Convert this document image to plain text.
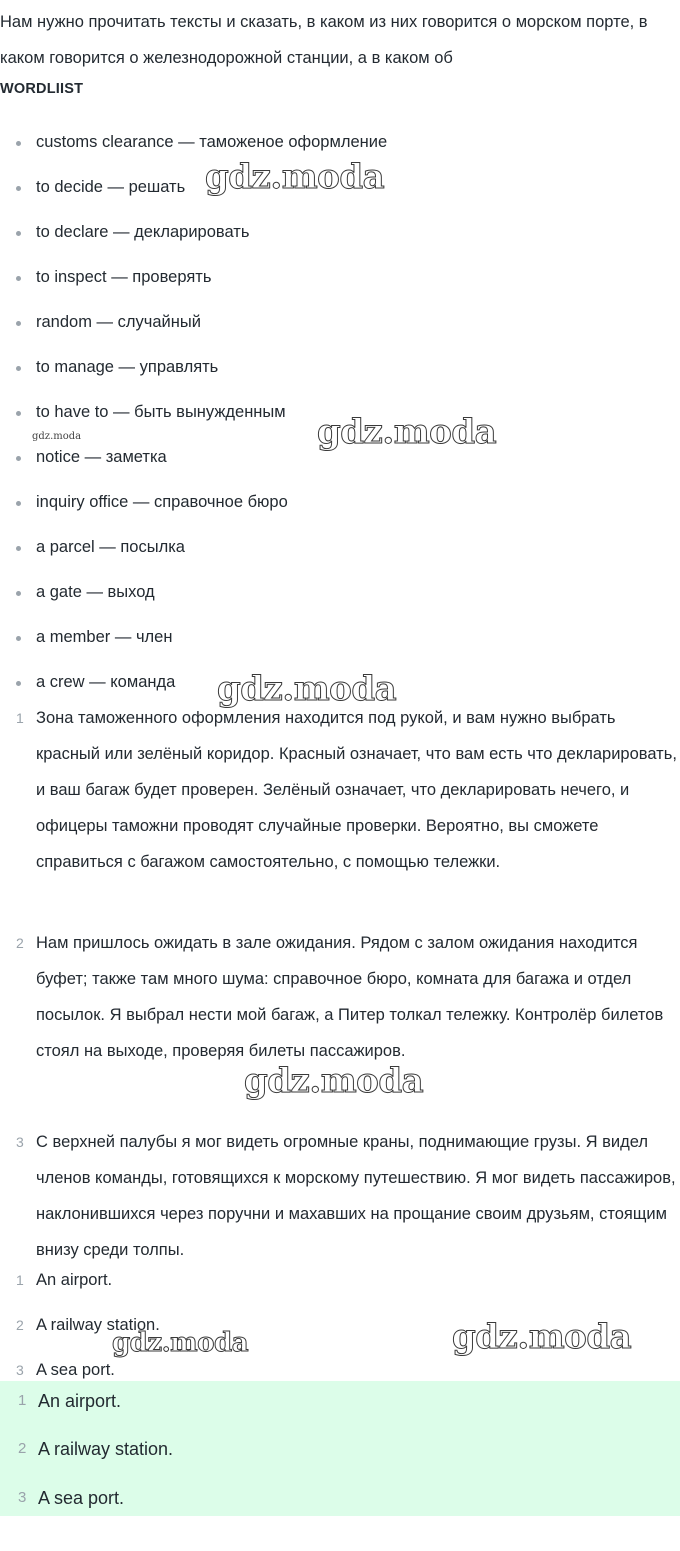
Нам нужно прочитать тексты и сказать, в каком из них говорится о морском порте, в каком говорится о железнодорожной станции, а в каком об

WORDLIIST
customs clearance — таможеное оформление
to decide — решать
to declare — декларировать
to inspect — проверять
random — случайный
to manage — управлять
to have to — быть вынужденным
notice — заметка
inquiry office — справочное бюро
a parcel — посылка
a gate — выход
a member — член
a crew — команда
1 Зона таможенного оформления находится под рукой, и вам нужно выбрать красный или зелёный коридор. Красный означает, что вам есть что декларировать, и ваш багаж будет проверен. Зелёный означает, что декларировать нечего, и офицеры таможни проводят случайные проверки. Вероятно, вы сможете справиться с багажом самостоятельно, с помощью тележки.
2 Нам пришлось ожидать в зале ожидания. Рядом с залом ожидания находится буфет; также там много шума: справочное бюро, комната для багажа и отдел посылок. Я выбрал нести мой багаж, а Питер толкал тележку. Контролёр билетов стоял на выходе, проверяя билеты пассажиров.
3 С верхней палубы я мог видеть огромные краны, поднимающие грузы. Я видел членов команды, готовящихся к морскому путешествию. Я мог видеть пассажиров, наклонившихся через поручни и махавших на прощание своим друзьям, стоящим внизу среди толпы.
1 An airport.
2 A railway station.
3 A sea port.
1 An airport.
2 A railway station.
3 A sea port.
gdz.moda
gdz.moda
gdz.moda
gdz.moda
gdz.moda
gdz.moda	gdz.moda
